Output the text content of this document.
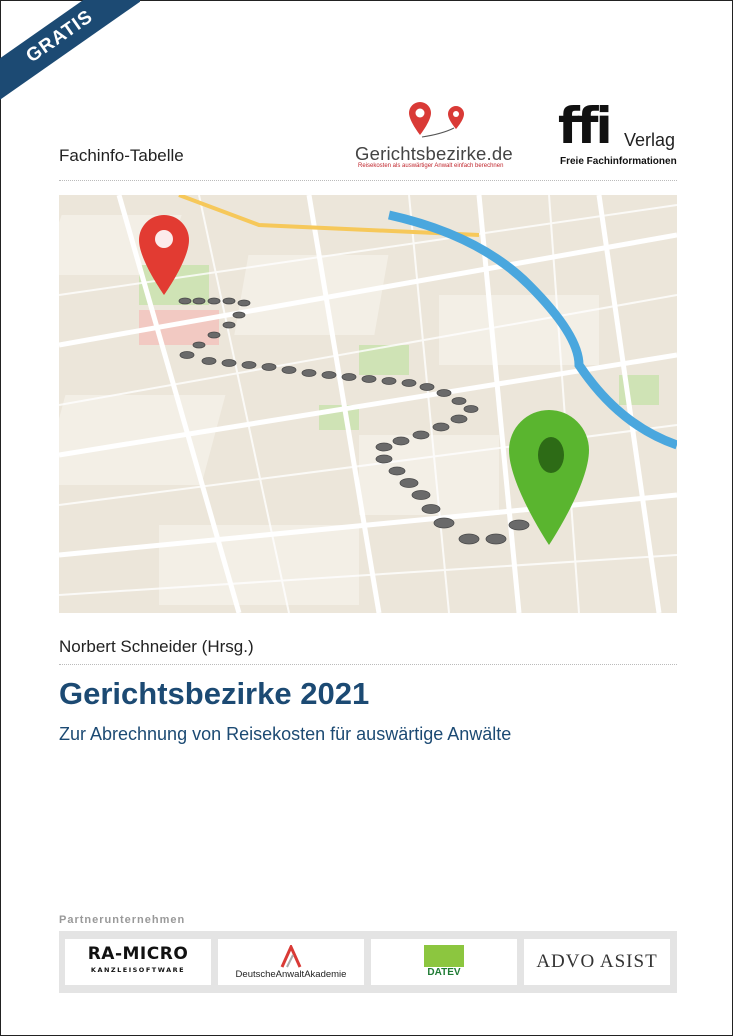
GRATIS
Fachinfo-Tabelle	Gerichtsbezirke.de
Reisekosten als auswärtiger Anwalt einfach berechnen
ffi Verlag
Freie Fachinformationen
Norbert Schneider (Hrsg.)
Gerichtsbezirke 2021
Zur Abrechnung von Reisekosten für auswärtige Anwälte
Partnerunternehmen
RA-MICRO
KANZLEISOFTWARE	DeutscheAnwaltAkademie	DATEV
ADVO ASIST
